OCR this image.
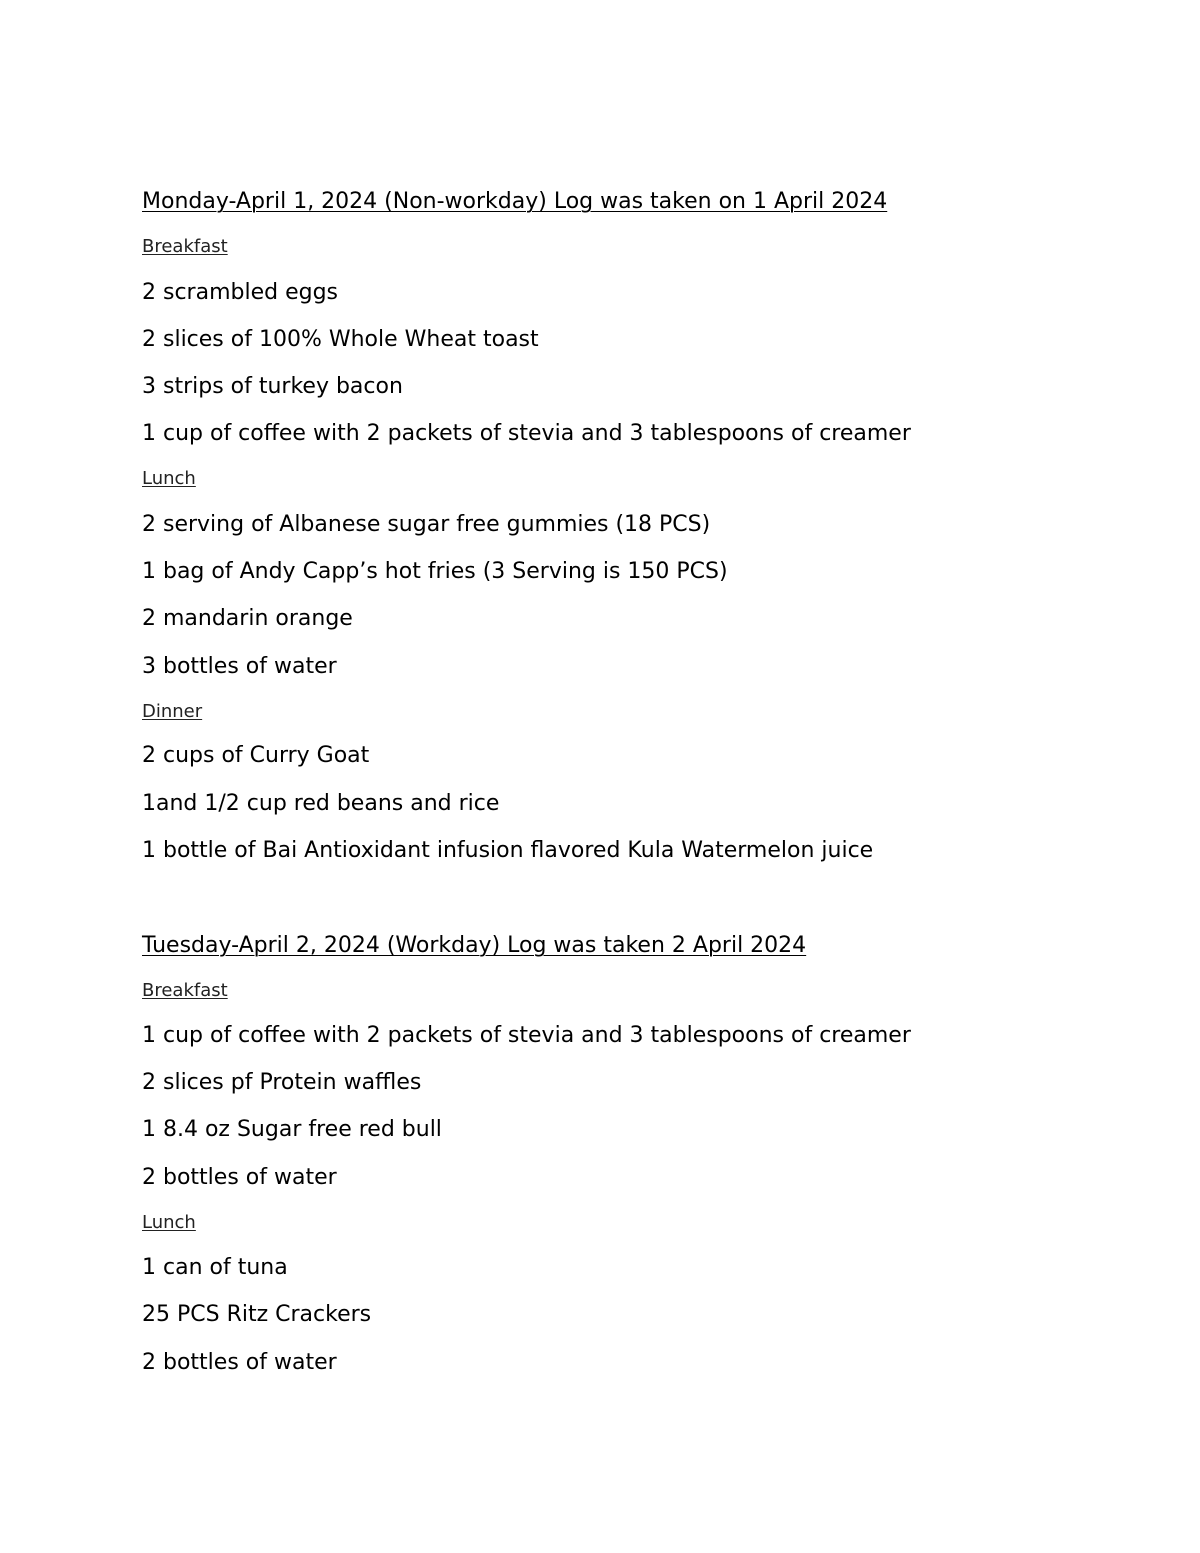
Monday-April 1, 2024 (Non-workday) Log was taken on 1 April 2024
Breakfast
2 scrambled eggs
2 slices of 100% Whole Wheat toast
3 strips of turkey bacon
1 cup of coffee with 2 packets of stevia and 3 tablespoons of creamer
Lunch
2 serving of Albanese sugar free gummies (18 PCS)
1 bag of Andy Capp’s hot fries (3 Serving is 150 PCS)
2 mandarin orange
3 bottles of water
Dinner
2 cups of Curry Goat
1and 1/2 cup red beans and rice
1 bottle of Bai Antioxidant infusion flavored Kula Watermelon juice
Tuesday-April 2, 2024 (Workday) Log was taken 2 April 2024
Breakfast
1 cup of coffee with 2 packets of stevia and 3 tablespoons of creamer
2 slices pf Protein waffles
1 8.4 oz Sugar free red bull
2 bottles of water
Lunch
1 can of tuna
25 PCS Ritz Crackers
2 bottles of water
